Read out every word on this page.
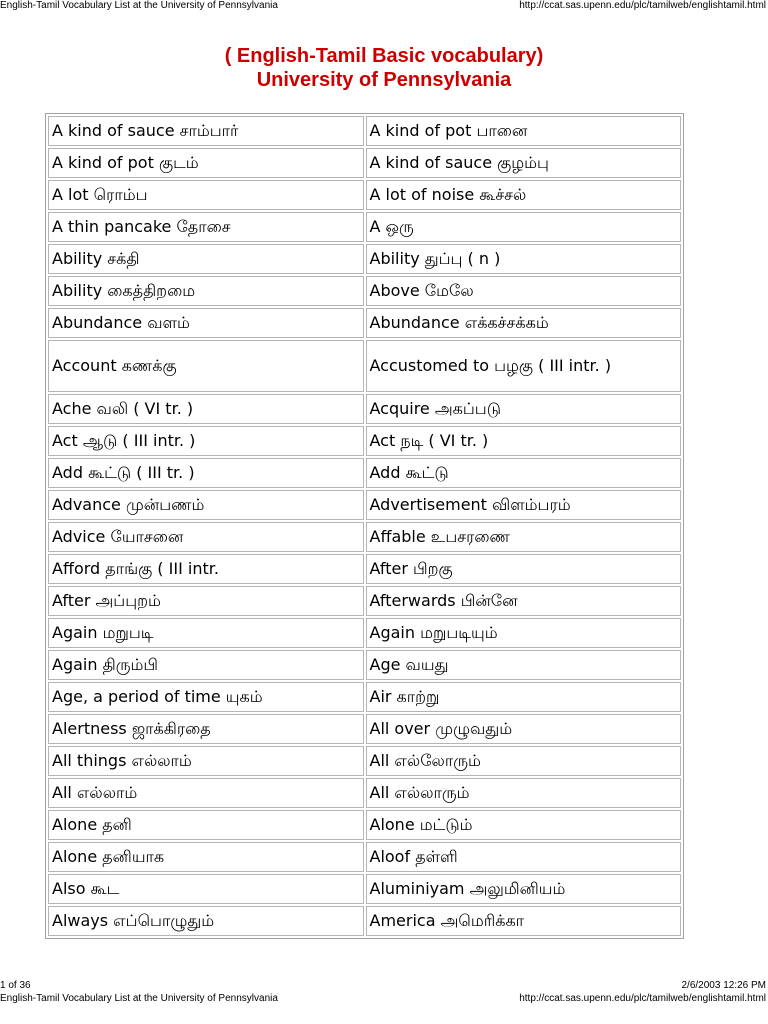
English-Tamil Vocabulary List at the University of Pennsylvania	http://ccat.sas.upenn.edu/plc/tamilweb/englishtamil.html
( English-Tamil Basic vocabulary)
University of Pennsylvania
A kind of sauce சாம்பார்	A kind of pot பானை
A kind of pot குடம்	A kind of sauce குழம்பு
A lot ரொம்ப	A lot of noise கூச்சல்
A thin pancake தோசை	A ஒரு
Ability சக்தி	Ability துப்பு ( n )
Ability கைத்திறமை	Above மேலே
Abundance வளம்	Abundance எக்கச்சக்கம்
Account கணக்கு	Accustomed to பழகு ( III intr. )
Ache வலி ( VI tr. )	Acquire அகப்படு
Act ஆடு ( III intr. )	Act நடி ( VI tr. )
Add கூட்டு ( III tr. )	Add கூட்டு
Advance முன்பணம்	Advertisement விளம்பரம்
Advice யோசனை	Affable உபசரணை
Afford தாங்கு ( III intr.	After பிறகு
After அப்புறம்	Afterwards பின்னே
Again மறுபடி	Again மறுபடியும்
Again திரும்பி	Age வயது
Age, a period of time யுகம்	Air காற்று
Alertness ஜாக்கிரதை	All over முழுவதும்
All things எல்லாம்	All எல்லோரும்
All எல்லாம்	All எல்லாரும்
Alone தனி	Alone மட்டும்
Alone தனியாக	Aloof தள்ளி
Also கூட	Aluminiyam அலுமினியம்
Always எப்பொழுதும்	America அமெரிக்கா
1 of 36	2/6/2003 12:26 PM
English-Tamil Vocabulary List at the University of Pennsylvania	http://ccat.sas.upenn.edu/plc/tamilweb/englishtamil.html
